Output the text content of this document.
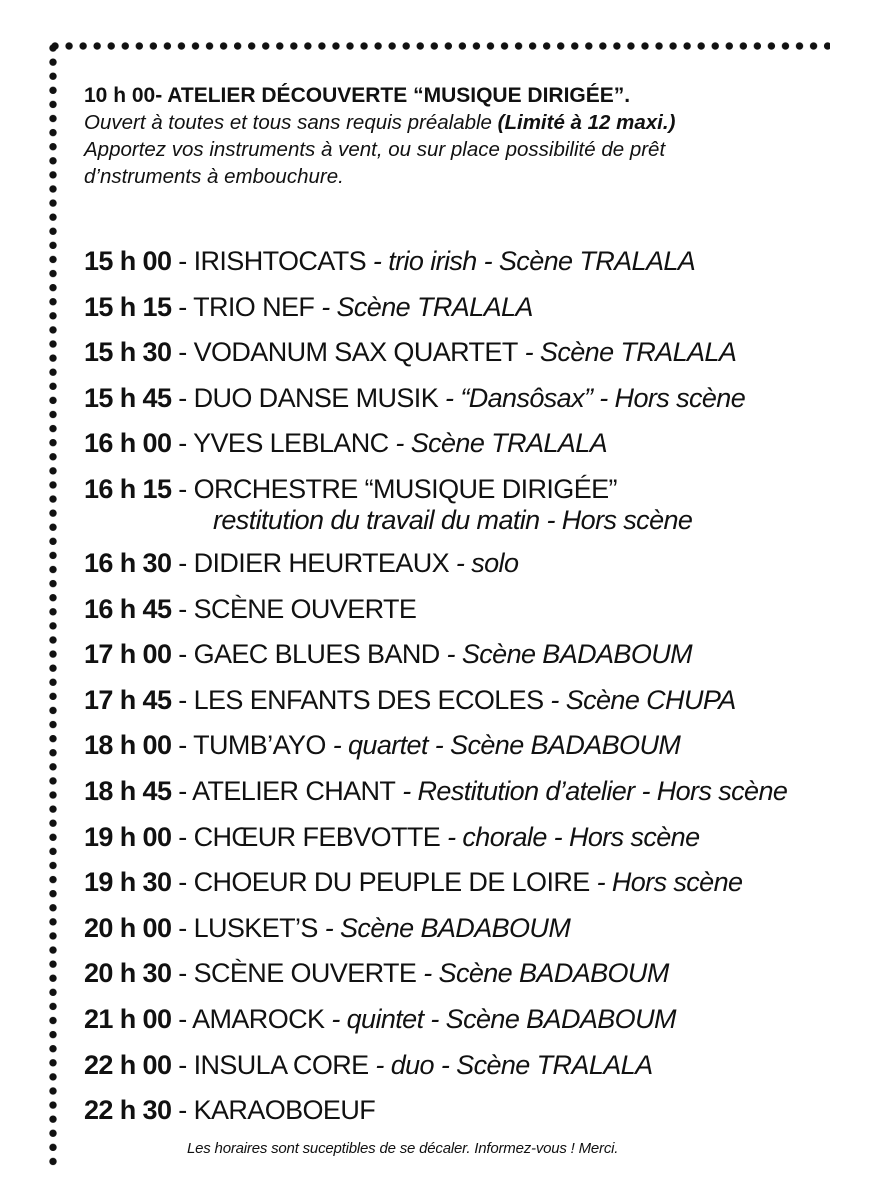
10 h 00- ATELIER DÉCOUVERTE “MUSIQUE DIRIGÉE”.
Ouvert à toutes et tous sans requis préalable (Limité à 12 maxi.)
Apportez vos instruments à vent, ou sur place possibilité de prêt
d’nstruments à embouchure.
15 h 00 - IRISHTOCATS - trio irish - Scène TRALALA
15 h 15 - TRIO NEF - Scène TRALALA
15 h 30 - VODANUM SAX QUARTET - Scène TRALALA
15 h 45 - DUO DANSE MUSIK - “Dansôsax” - Hors scène
16 h 00 - YVES LEBLANC - Scène TRALALA
16 h 15 - ORCHESTRE “MUSIQUE DIRIGÉE”
restitution du travail du matin - Hors scène
16 h 30 - DIDIER HEURTEAUX - solo
16 h 45 - SCÈNE OUVERTE
17 h 00 - GAEC BLUES BAND - Scène BADABOUM
17 h 45 - LES ENFANTS DES ECOLES - Scène CHUPA
18 h 00 - TUMB’AYO - quartet - Scène BADABOUM
18 h 45 - ATELIER CHANT - Restitution d’atelier - Hors scène
19 h 00 - CHŒUR FEBVOTTE - chorale - Hors scène
19 h 30 - CHOEUR DU PEUPLE DE LOIRE - Hors scène
20 h 00 - LUSKET’S - Scène BADABOUM
20 h 30 - SCÈNE OUVERTE - Scène BADABOUM
21 h 00 - AMAROCK - quintet - Scène BADABOUM
22 h 00 - INSULA CORE - duo - Scène TRALALA
22 h 30 - KARAOBOEUF
Les horaires sont suceptibles de se décaler. Informez-vous ! Merci.
